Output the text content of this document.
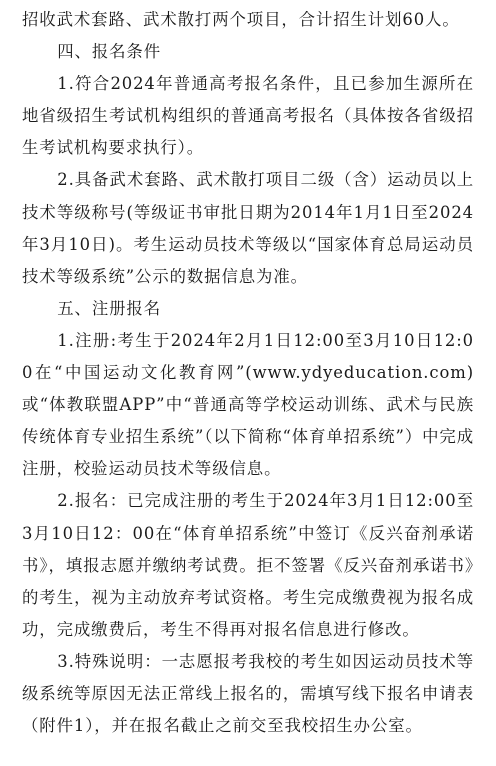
招收武术套路、武术散打两个项目，合计招生计划60人。

四、报名条件

1.符合2024年普通高考报名条件，且已参加生源所在地省级招生考试机构组织的普通高考报名（具体按各省级招生考试机构要求执行）。

2.具备武术套路、武术散打项目二级（含）运动员以上技术等级称号(等级证书审批日期为2014年1月1日至2024年3月10日)。考生运动员技术等级以“国家体育总局运动员技术等级系统”公示的数据信息为准。

五、注册报名

1.注册:考生于2024年2月1日12:00至3月10日12:00在“中国运动文化教育网”(www.ydyeducation.com)或“体教联盟APP”中“普通高等学校运动训练、武术与民族传统体育专业招生系统”（以下简称“体育单招系统”）中完成注册，校验运动员技术等级信息。

2.报名：已完成注册的考生于2024年3月1日12:00至3月10日12：00在“体育单招系统”中签订《反兴奋剂承诺书》，填报志愿并缴纳考试费。拒不签署《反兴奋剂承诺书》的考生，视为主动放弃考试资格。考生完成缴费视为报名成功，完成缴费后，考生不得再对报名信息进行修改。

3.特殊说明：一志愿报考我校的考生如因运动员技术等级系统等原因无法正常线上报名的，需填写线下报名申请表（附件1），并在报名截止之前交至我校招生办公室。
